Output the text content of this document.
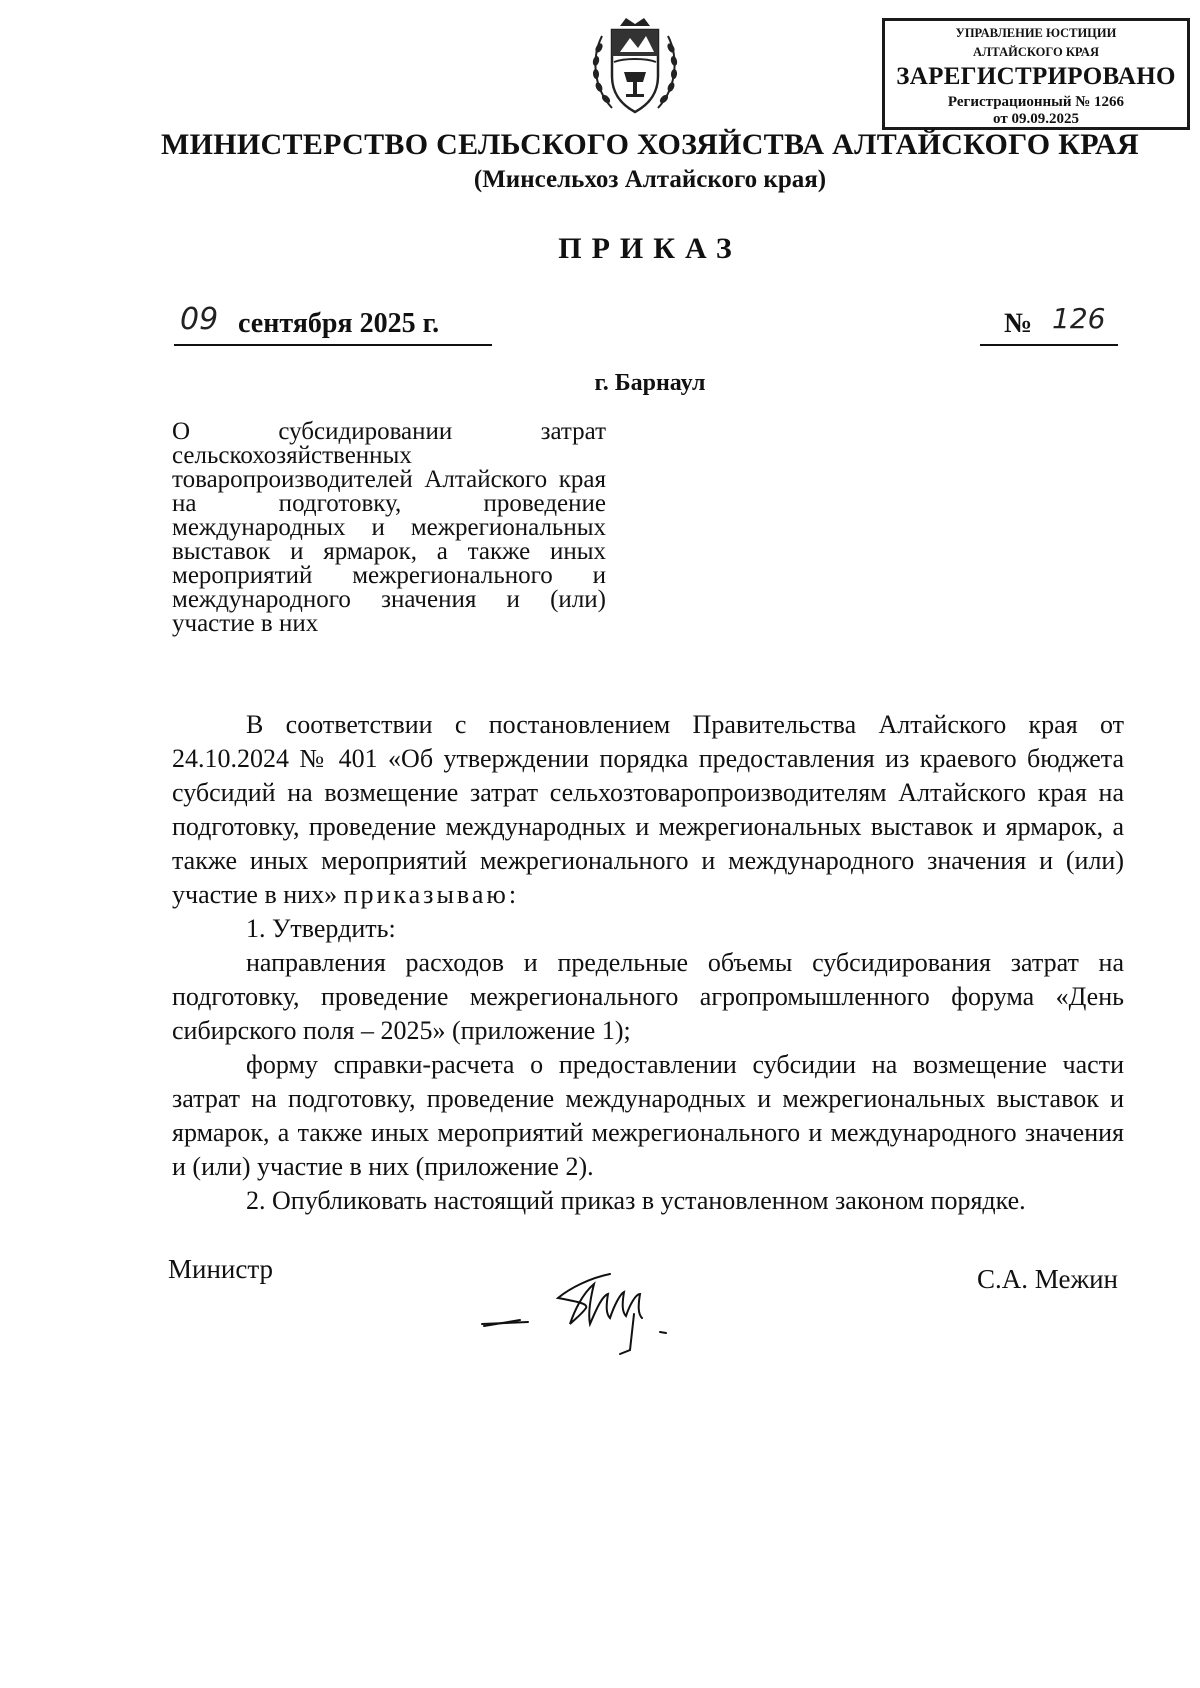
УПРАВЛЕНИЕ ЮСТИЦИИ
АЛТАЙСКОГО КРАЯ
ЗАРЕГИСТРИРОВАНО
Регистрационный № 1266
от 09.09.2025
МИНИСТЕРСТВО СЕЛЬСКОГО ХОЗЯЙСТВА АЛТАЙСКОГО КРАЯ
(Минсельхоз Алтайского края)
ПРИКАЗ
09 сентября 2025 г.	№ 126
г. Барнаул
О субсидировании затрат сельскохозяйственных товаропроизводителей Алтайского края на подготовку, проведение международных и межрегиональных выставок и ярмарок, а также иных мероприятий межрегионального и международного значения и (или) участие в них

В соответствии с постановлением Правительства Алтайского края от 24.10.2024 № 401 «Об утверждении порядка предоставления из краевого бюджета субсидий на возмещение затрат сельхозтоваропроизводителям Алтайского края на подготовку, проведение международных и межрегиональных выставок и ярмарок, а также иных мероприятий межрегионального и международного значения и (или) участие в них» приказываю:

1. Утвердить:

направления расходов и предельные объемы субсидирования затрат на подготовку, проведение межрегионального агропромышленного форума «День сибирского поля – 2025» (приложение 1);

форму справки-расчета о предоставлении субсидии на возмещение части затрат на подготовку, проведение международных и межрегиональных выставок и ярмарок, а также иных мероприятий межрегионального и международного значения и (или) участие в них (приложение 2).

2. Опубликовать настоящий приказ в установленном законом порядке.

Министр	С.А. Межин
